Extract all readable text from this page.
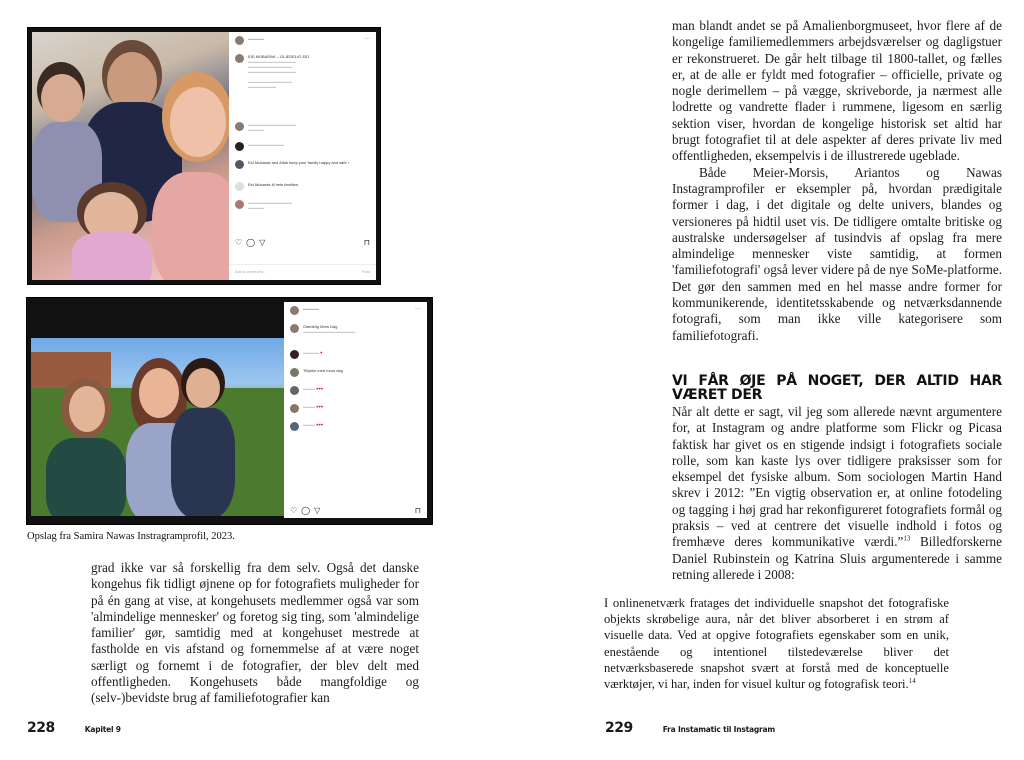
▬▬▬▬	···
EID MUBARAK – GLÆDELIG EID
▬▬▬▬▬▬▬▬▬▬▬▬
▬▬▬▬▬▬▬▬▬▬▬
▬▬▬▬▬▬▬▬▬▬▬▬

▬▬▬▬▬▬▬▬▬▬▬
▬▬▬▬▬▬▬
▬▬▬▬▬▬▬▬▬▬▬▬
▬▬▬▬
▬▬▬▬▬▬▬▬▬
Eid Mubarak and Allah keep your family happy and safe !
Eid Mubarak til hele familien.
▬▬▬▬▬▬▬▬▬▬▬
▬▬▬▬
♡ ◯ ▽	⊓
Add a comment...	Post
▬▬▬▬	···
Glædelig Mors Dag
▬▬▬▬▬▬▬▬▬▬▬▬▬
▬▬▬▬ ♥
Tillykke med mors dag
▬▬▬ ♥♥♥
▬▬▬ ♥♥♥
▬▬▬ ♥♥♥
♡ ◯ ▽	⊓
Opslag fra Samira Nawas Instragramprofil, 2023.

grad ikke var så forskellig fra dem selv. Også det danske kongehus fik tidligt øjnene op for fotografiets muligheder for på én gang at vise, at kongehusets medlemmer også var som 'almindelige mennesker' og foretog sig ting, som 'almindelige familier' gør, samtidig med at kongehuset mestrede at fastholde en vis afstand og fornemmelse af at være noget særligt og fornemt i de fotografier, der blev delt med offentligheden. Kongehusets både mangfoldige og (selv-)bevidste brug af familiefotografier kan

228	Kapitel 9

man blandt andet se på Amalienborgmuseet, hvor flere af de kongelige familiemedlemmers arbejdsværelser og dagligstuer er rekonstrueret. De går helt tilbage til 1800-tallet, og fælles er, at de alle er fyldt med fotografier – officielle, private og nogle derimellem – på vægge, skriveborde, ja nærmest alle lodrette og vandrette flader i rummene, ligesom en særlig sektion viser, hvordan de kongelige historisk set altid har brugt fotografiet til at dele aspekter af deres private liv med offentligheden, eksempelvis i de illustrerede ugeblade.

Både Meier-Morsis, Ariantos og Nawas Instagramprofiler er eksempler på, hvordan prædigitale former i dag, i det digitale og delte univers, blandes og versioneres på hidtil uset vis. De tidligere omtalte britiske og australske undersøgelser af tusindvis af opslag fra mere almindelige mennesker viste samtidig, at formen 'familiefotografi' også lever videre på de nye SoMe-platforme. Det gør den sammen med en hel masse andre former for kommunikerende, identitetsskabende og netværksdannende fotografi, som man ikke ville kategorisere som familiefotografi.

VI FÅR ØJE PÅ NOGET, DER ALTID HAR VÆRET DER

Når alt dette er sagt, vil jeg som allerede nævnt argumentere for, at Instagram og andre platforme som Flickr og Picasa faktisk har givet os en stigende indsigt i fotografiets sociale rolle, som kan kaste lys over tidligere praksisser som for eksempel det fysiske album. Som sociologen Martin Hand skrev i 2012: ”En vigtig observation er, at online fotodeling og tagging i høj grad har rekonfigureret fotografiets formål og praksis – ved at centrere det visuelle indhold i fotos og fremhæve deres kommunikative værdi.”$^{13}$ Billedforskerne Daniel Rubinstein og Katrina Sluis argumenterede i samme retning allerede i 2008:

I onlinenetværk fratages det individuelle snapshot det fotografiske objekts skrøbelige aura, når det bliver absorberet i en strøm af visuelle data. Ved at opgive fotografiets egenskaber som en unik, enestående og intentionel tilstedeværelse bliver det netværksbaserede snapshot svært at forstå med de konceptuelle værktøjer, vi har, inden for visuel kultur og fotografisk teori.$^{14}$

229	Fra Instamatic til Instagram
